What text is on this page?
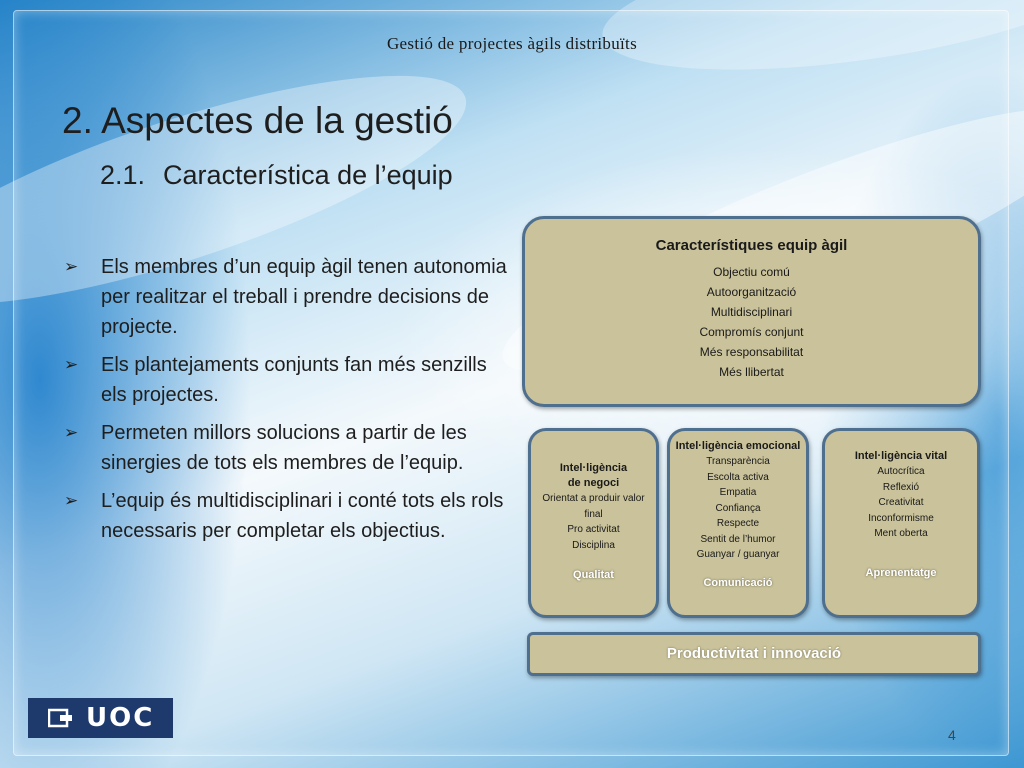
Gestió de projectes àgils distribuïts
2. Aspectes de la gestió
2.1. Característica de l’equip
➢ Els membres d’un equip àgil tenen autonomia per realitzar el treball i prendre decisions de projecte.
➢ Els plantejaments conjunts fan més senzills els projectes.
➢ Permeten millors solucions a partir de les sinergies de tots els membres de l’equip.
➢ L’equip és multidisciplinari i conté tots els rols necessaris per completar els objectius.
Característiques equip àgil
Objectiu comú
Autoorganització
Multidisciplinari
Compromís conjunt
Més responsabilitat
Més llibertat
Intel·ligència de negoci
Orientat a produir valor final
Pro activitat
Disciplina
Qualitat
Intel·ligència emocional
Transparència
Escolta activa
Empatia
Confiança
Respecte
Sentit de l’humor
Guanyar / guanyar
Comunicació
Intel·ligència vital
Autocrítica
Reflexió
Creativitat
Inconformisme
Ment oberta
Aprenentatge
Productivitat i innovació
UOC
4
